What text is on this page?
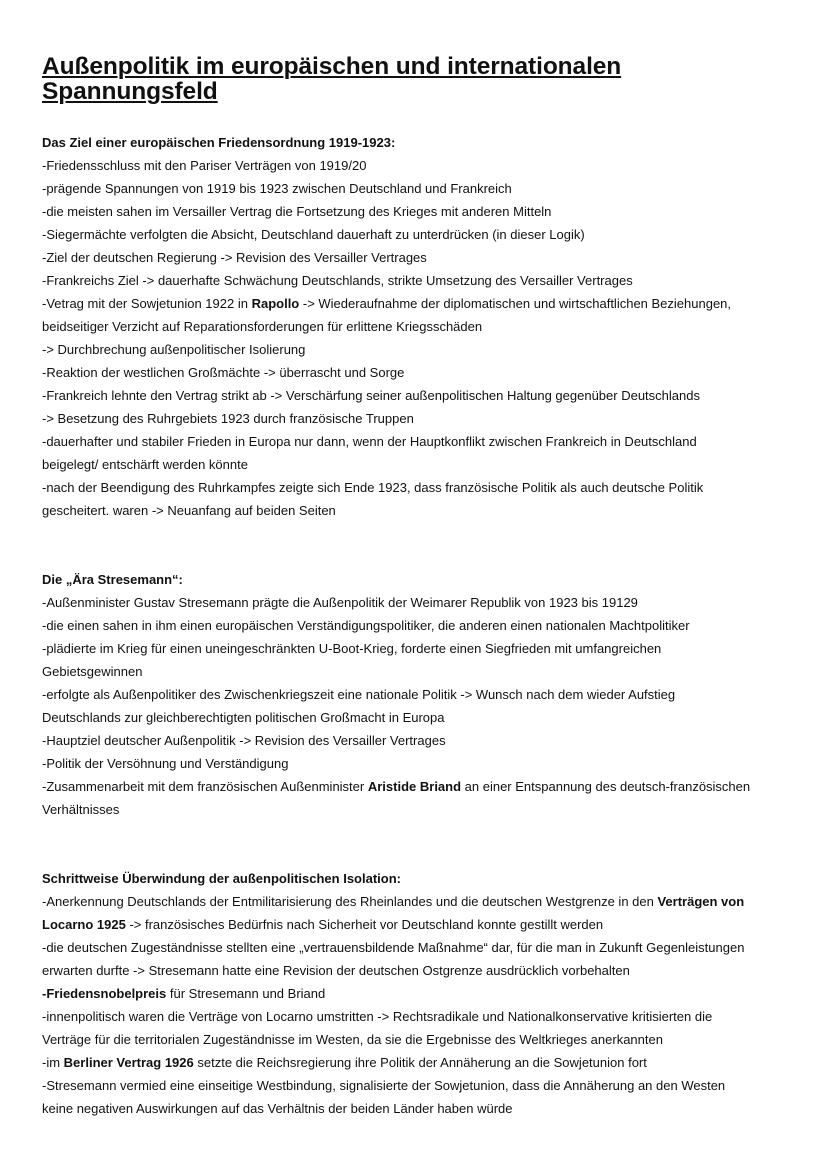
Außenpolitik im europäischen und internationalen Spannungsfeld

Das Ziel einer europäischen Friedensordnung 1919-1923:

-Friedensschluss mit den Pariser Verträgen von 1919/20

-prägende Spannungen von 1919 bis 1923 zwischen Deutschland und Frankreich

-die meisten sahen im Versailler Vertrag die Fortsetzung des Krieges mit anderen Mitteln

-Siegermächte verfolgten die Absicht, Deutschland dauerhaft zu unterdrücken (in dieser Logik)

-Ziel der deutschen Regierung -> Revision des Versailler Vertrages

-Frankreichs Ziel -> dauerhafte Schwächung Deutschlands, strikte Umsetzung des Versailler Vertrages

-Vetrag mit der Sowjetunion 1922 in Rapollo -> Wiederaufnahme der diplomatischen und wirtschaftlichen Beziehungen,

beidseitiger Verzicht auf Reparationsforderungen für erlittene Kriegsschäden

-> Durchbrechung außenpolitischer Isolierung

-Reaktion der westlichen Großmächte -> überrascht und Sorge

-Frankreich lehnte den Vertrag strikt ab -> Verschärfung seiner außenpolitischen Haltung gegenüber Deutschlands

-> Besetzung des Ruhrgebiets 1923 durch französische Truppen

-dauerhafter und stabiler Frieden in Europa nur dann, wenn der Hauptkonflikt zwischen Frankreich in Deutschland

beigelegt/ entschärft werden könnte

-nach der Beendigung des Ruhrkampfes zeigte sich Ende 1923, dass französische Politik als auch deutsche Politik

gescheitert. waren -> Neuanfang auf beiden Seiten

Die „Ära Stresemann“:

-Außenminister Gustav Stresemann prägte die Außenpolitik der Weimarer Republik von 1923 bis 19129

-die einen sahen in ihm einen europäischen Verständigungspolitiker, die anderen einen nationalen Machtpolitiker

-plädierte im Krieg für einen uneingeschränkten U-Boot-Krieg, forderte einen Siegfrieden mit umfangreichen

Gebietsgewinnen

-erfolgte als Außenpolitiker des Zwischenkriegszeit eine nationale Politik -> Wunsch nach dem wieder Aufstieg

Deutschlands zur gleichberechtigten politischen Großmacht in Europa

-Hauptziel deutscher Außenpolitik -> Revision des Versailler Vertrages

-Politik der Versöhnung und Verständigung

-Zusammenarbeit mit dem französischen Außenminister Aristide Briand an einer Entspannung des deutsch-französischen

Verhältnisses

Schrittweise Überwindung der außenpolitischen Isolation:

-Anerkennung Deutschlands der Entmilitarisierung des Rheinlandes und die deutschen Westgrenze in den Verträgen von

Locarno 1925 -> französisches Bedürfnis nach Sicherheit vor Deutschland konnte gestillt werden

-die deutschen Zugeständnisse stellten eine „vertrauensbildende Maßnahme“ dar, für die man in Zukunft Gegenleistungen

erwarten durfte -> Stresemann hatte eine Revision der deutschen Ostgrenze ausdrücklich vorbehalten

-Friedensnobelpreis für Stresemann und Briand

-innenpolitisch waren die Verträge von Locarno umstritten -> Rechtsradikale und Nationalkonservative kritisierten die

Verträge für die territorialen Zugeständnisse im Westen, da sie die Ergebnisse des Weltkrieges anerkannten

-im Berliner Vertrag 1926 setzte die Reichsregierung ihre Politik der Annäherung an die Sowjetunion fort

-Stresemann vermied eine einseitige Westbindung, signalisierte der Sowjetunion, dass die Annäherung an den Westen

keine negativen Auswirkungen auf das Verhältnis der beiden Länder haben würde
